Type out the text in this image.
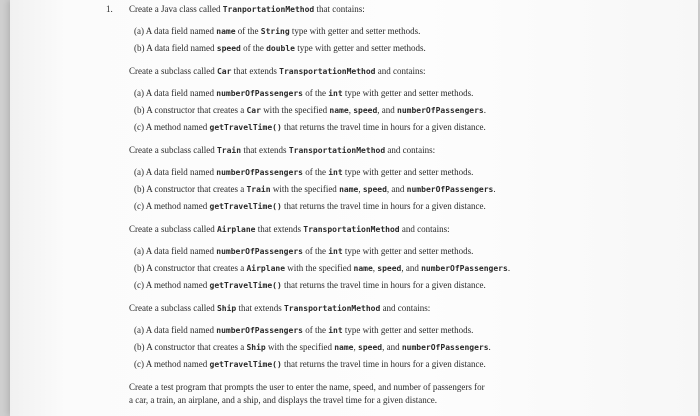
1. Create a Java class called TranportationMethod that contains:
(a) A data field named name of the String type with getter and setter methods.
(b) A data field named speed of the double type with getter and setter methods.
Create a subclass called Car that extends TransportationMethod and contains:
(a) A data field named numberOfPassengers of the int type with getter and setter methods.
(b) A constructor that creates a Car with the specified name, speed, and numberOfPassengers.
(c) A method named getTravelTime() that returns the travel time in hours for a given distance.
Create a subclass called Train that extends TransportationMethod and contains:
(a) A data field named numberOfPassengers of the int type with getter and setter methods.
(b) A constructor that creates a Train with the specified name, speed, and numberOfPassengers.
(c) A method named getTravelTime() that returns the travel time in hours for a given distance.
Create a subclass called Airplane that extends TransportationMethod and contains:
(a) A data field named numberOfPassengers of the int type with getter and setter methods.
(b) A constructor that creates a Airplane with the specified name, speed, and numberOfPassengers.
(c) A method named getTravelTime() that returns the travel time in hours for a given distance.
Create a subclass called Ship that extends TransportationMethod and contains:
(a) A data field named numberOfPassengers of the int type with getter and setter methods.
(b) A constructor that creates a Ship with the specified name, speed, and numberOfPassengers.
(c) A method named getTravelTime() that returns the travel time in hours for a given distance.
Create a test program that prompts the user to enter the name, speed, and number of passengers for
a car, a train, an airplane, and a ship, and displays the travel time for a given distance.
